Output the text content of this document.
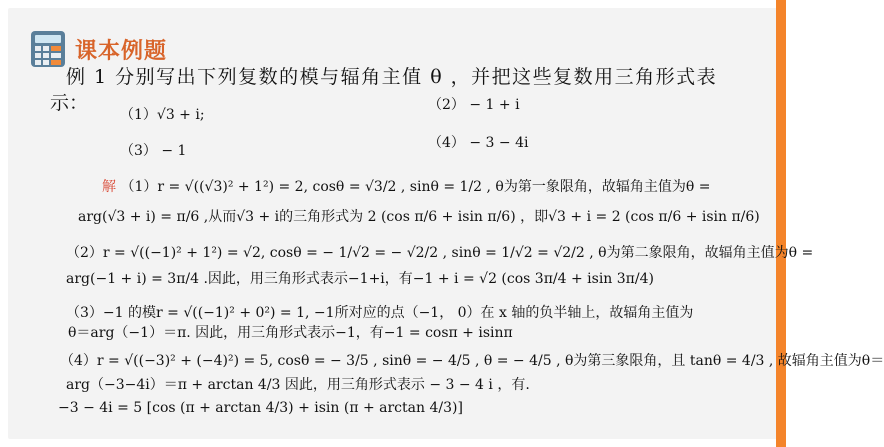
课本例题
例 1 分别写出下列复数的模与辐角主值 θ ，并把这些复数用三角形式表
示：
（1）√3 + i;
（2） − 1 + i
（3） − 1	（4） − 3 − 4i
解 （1）r = √((√3)² + 1²) = 2, cosθ = √3/2 , sinθ = 1/2 , θ为第一象限角，故辐角主值为θ =
arg(√3 + i) = π/6 ,从而√3 + i的三角形式为 2 (cos π/6 + isin π/6) ，即√3 + i = 2 (cos π/6 + isin π/6)
（2）r = √((−1)² + 1²) = √2, cosθ = − 1/√2 = − √2/2 , sinθ = 1/√2 = √2/2 , θ为第二象限角，故辐角主值为θ =
arg(−1 + i) = 3π/4 .因此，用三角形式表示−1+i，有−1 + i = √2 (cos 3π/4 + isin 3π/4)
（3）−1 的模r = √((−1)² + 0²) = 1, −1所对应的点（−1， 0）在 x 轴的负半轴上，故辐角主值为
θ＝arg（−1）＝π. 因此，用三角形式表示−1，有−1 = cosπ + isinπ
（4）r = √((−3)² + (−4)²) = 5, cosθ = − 3/5 , sinθ = − 4/5 , θ = − 4/5 , θ为第三象限角，且 tanθ = 4/3 , 故辐角主值为θ＝
arg（−3−4i）＝π + arctan 4/3 因此，用三角形式表示 − 3 − 4 i ，有.
−3 − 4i = 5 [cos (π + arctan 4/3) + isin (π + arctan 4/3)]
